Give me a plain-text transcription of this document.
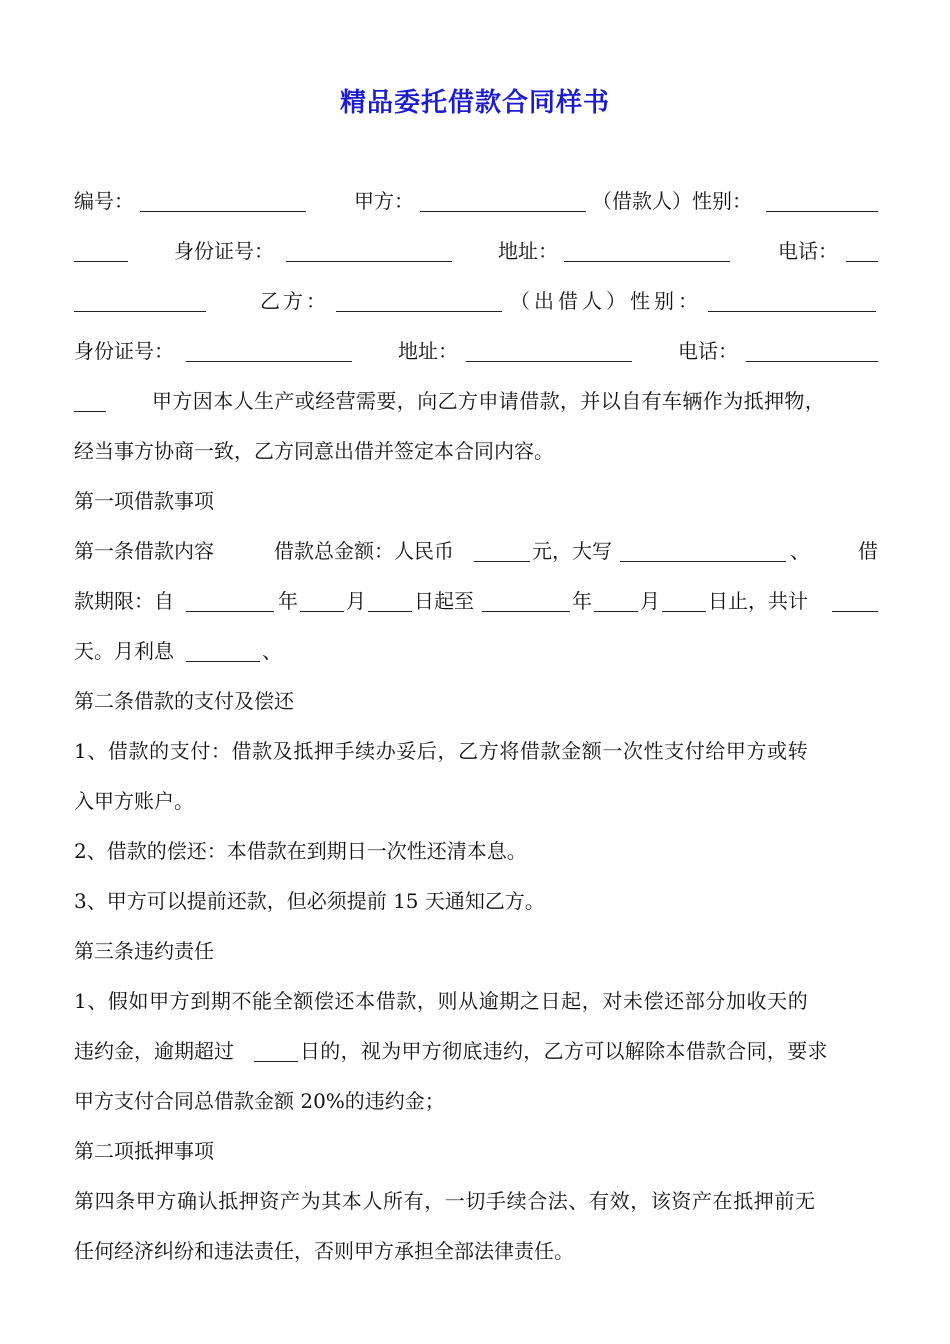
精品委托借款合同样书

编号：

	甲方：

	（借款人）性别：

身份证号：

	地址：

	电话：

乙方：

	（出借人）性别：

身份证号：

	地址：

	电话：

甲方因本人生产或经营需要，向乙方申请借款，并以自有车辆作为抵押物，

经当事方协商一致，乙方同意出借并签定本合同内容。
第一项借款事项

第一条借款内容

	借款总金额：人民币

	元，大写

	、

借

款期限：自

	年

月

日起至

	年

月

日止，共计

天。月利息

	、

第二条借款的支付及偿还
1、借款的支付：借款及抵押手续办妥后，乙方将借款金额一次性支付给甲方或转
入甲方账户。
2、借款的偿还：本借款在到期日一次性还清本息。
3、甲方可以提前还款，但必须提前 15 天通知乙方。
第三条违约责任
1、假如甲方到期不能全额偿还本借款，则从逾期之日起，对未偿还部分加收天的

违约金，逾期超过

	日的，视为甲方彻底违约，乙方可以解除本借款合同，要求

甲方支付合同总借款金额 20%的违约金；
第二项抵押事项
第四条甲方确认抵押资产为其本人所有，一切手续合法、有效，该资产在抵押前无
任何经济纠纷和违法责任，否则甲方承担全部法律责任。
